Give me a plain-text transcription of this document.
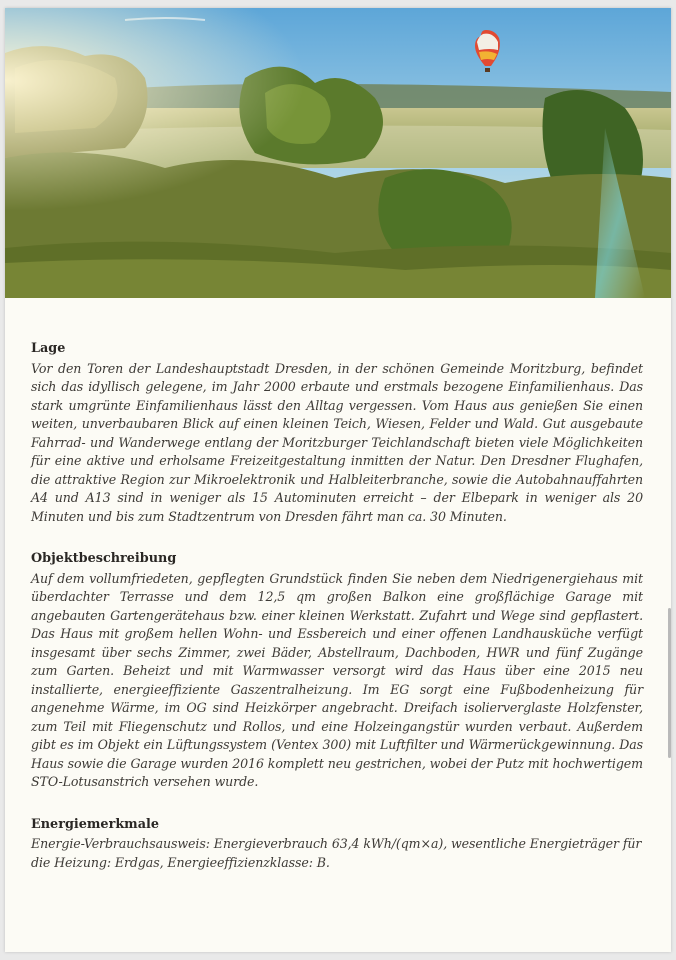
Lage

Vor den Toren der Landeshauptstadt Dresden, in der schönen Gemeinde Moritzburg, befindet sich das idyllisch gelegene, im Jahr 2000 erbaute und erstmals bezogene Einfamilienhaus. Das stark umgrünte Einfamilienhaus lässt den Alltag vergessen. Vom Haus aus genießen Sie einen weiten, unverbaubaren Blick auf einen kleinen Teich, Wiesen, Felder und Wald. Gut ausgebaute Fahrrad- und Wanderwege entlang der Moritzburger Teichlandschaft bieten viele Möglichkeiten für eine aktive und erholsame Freizeitgestaltung inmitten der Natur. Den Dresdner Flughafen, die attraktive Region zur Mikroelektronik und Halbleiterbranche, sowie die Autobahnauffahrten A4 und A13 sind in weniger als 15 Autominuten erreicht – der Elbepark in weniger als 20 Minuten und bis zum Stadtzentrum von Dresden fährt man ca. 30 Minuten.

Objektbeschreibung

Auf dem vollumfriedeten, gepflegten Grundstück finden Sie neben dem Niedrigenergiehaus mit überdachter Terrasse und dem 12,5 qm großen Balkon eine großflächige Garage mit angebauten Gartengerätehaus bzw. einer kleinen Werkstatt. Zufahrt und Wege sind gepflastert. Das Haus mit großem hellen Wohn- und Essbereich und einer offenen Landhausküche verfügt insgesamt über sechs Zimmer, zwei Bäder, Abstellraum, Dachboden, HWR und fünf Zugänge zum Garten. Beheizt und mit Warmwasser versorgt wird das Haus über eine 2015 neu installierte, energieeffiziente Gaszentralheizung. Im EG sorgt eine Fußbodenheizung für angenehme Wärme, im OG sind Heizkörper angebracht. Dreifach isolierverglaste Holzfenster, zum Teil mit Fliegenschutz und Rollos, und eine Holzeingangstür wurden verbaut. Außerdem gibt es im Objekt ein Lüftungssystem (Ventex 300) mit Luftfilter und Wärmerückgewinnung. Das Haus sowie die Garage wurden 2016 komplett neu gestrichen, wobei der Putz mit hochwertigem STO-Lotusanstrich versehen wurde.

Energiemerkmale

Energie-Verbrauchsausweis: Energieverbrauch 63,4 kWh/(qm×a), wesentliche Energieträger für die Heizung: Erdgas, Energieeffizienzklasse: B.
